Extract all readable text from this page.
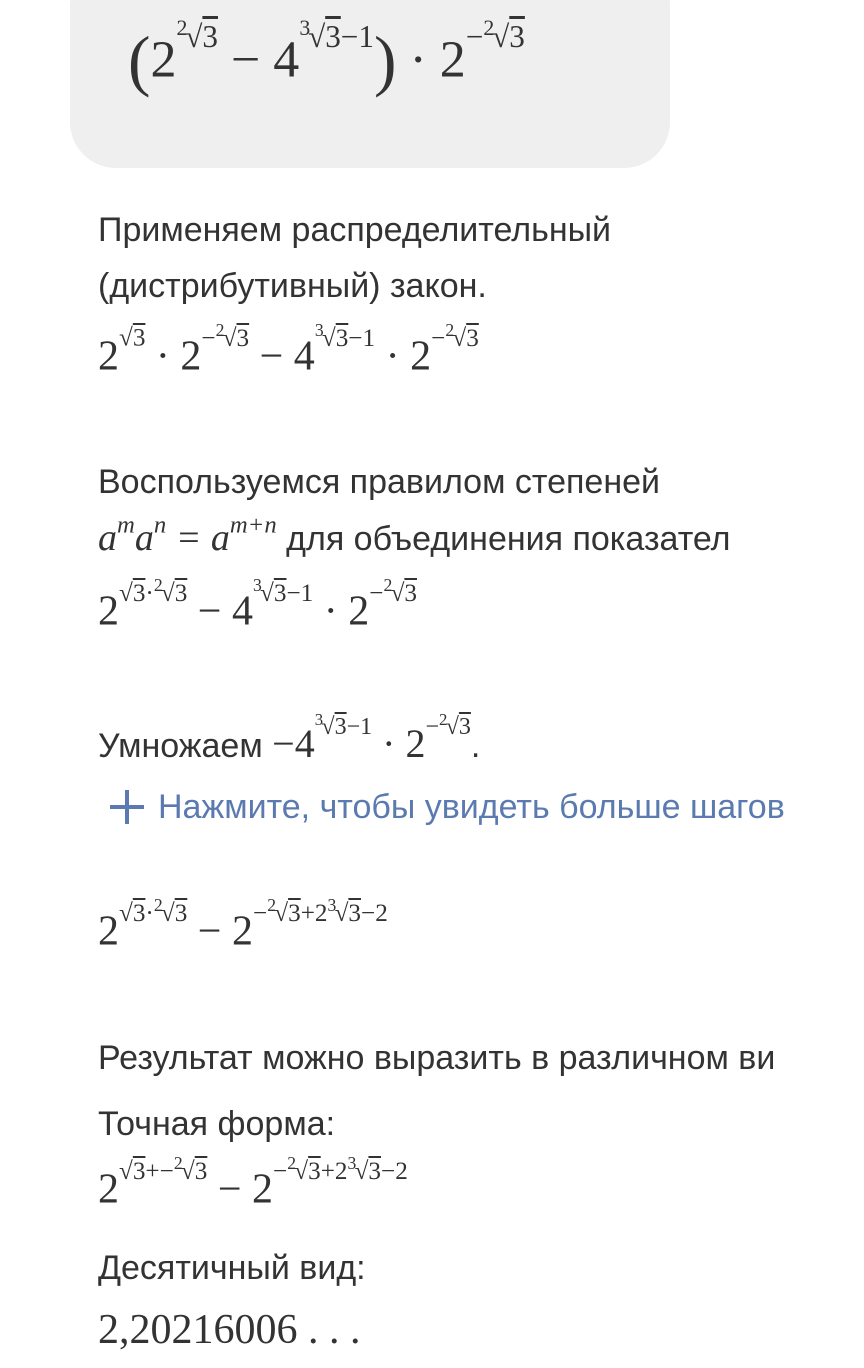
$(2^{^2√3} - 4^{^3√3-1}) \cdot 2^{-^2√3}$
Применяем распределительный
(дистрибутивный) закон.
$2^{√3} \cdot 2^{-^2√3} - 4^{^3√3-1} \cdot 2^{-^2√3}$
Воспользуемся правилом степеней
$a^ma^n = a^{m+n}$ для объединения показател
$2^{√3\cdot^2√3} - 4^{^3√3-1} \cdot 2^{-^2√3}$
Умножаем $-4^{^3√3-1} \cdot 2^{-^2√3}$.
Нажмите, чтобы увидеть больше шагов
$2^{√3\cdot^2√3} - 2^{-^2√3+2^3√3-2}$
Результат можно выразить в различном ви
Точная форма:
$2^{√3+-^2√3} - 2^{-^2√3+2^3√3-2}$
Десятичный вид:
2,20216006 . . .
